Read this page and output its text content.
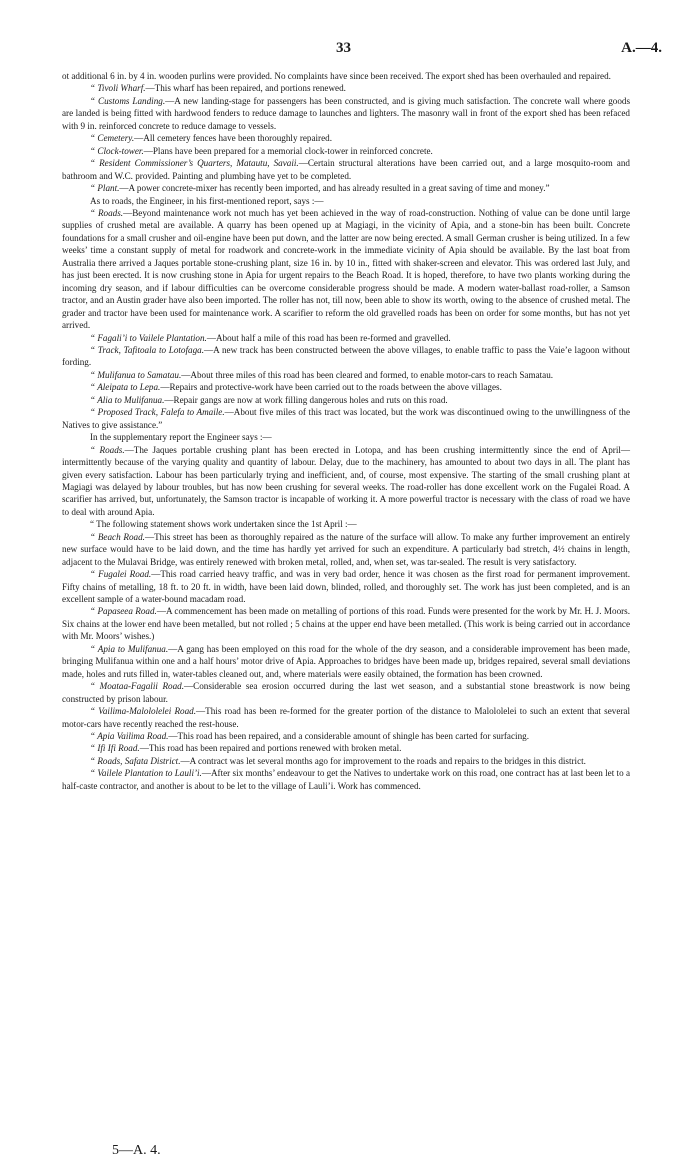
33	A.—4.

ot additional 6 in. by 4 in. wooden purlins were provided. No complaints have since been received. The export shed has been overhauled and repaired.

“ Tivoli Wharf.—This wharf has been repaired, and portions renewed.

“ Customs Landing.—A new landing-stage for passengers has been constructed, and is giving much satisfaction. The concrete wall where goods are landed is being fitted with hardwood fenders to reduce damage to launches and lighters. The masonry wall in front of the export shed has been refaced with 9 in. reinforced concrete to reduce damage to vessels.

“ Cemetery.—All cemetery fences have been thoroughly repaired.

“ Clock-tower.—Plans have been prepared for a memorial clock-tower in reinforced concrete.

“ Resident Commissioner’s Quarters, Matautu, Savaii.—Certain structural alterations have been carried out, and a large mosquito-room and bathroom and W.C. provided. Painting and plumbing have yet to be completed.

“ Plant.—A power concrete-mixer has recently been imported, and has already resulted in a great saving of time and money.”

As to roads, the Engineer, in his first-mentioned report, says :—

“ Roads.—Beyond maintenance work not much has yet been achieved in the way of road-construction. Nothing of value can be done until large supplies of crushed metal are available. A quarry has been opened up at Magiagi, in the vicinity of Apia, and a stone-bin has been built. Concrete foundations for a small crusher and oil-engine have been put down, and the latter are now being erected. A small German crusher is being utilized. In a few weeks’ time a constant supply of metal for roadwork and concrete-work in the immediate vicinity of Apia should be available. By the last boat from Australia there arrived a Jaques portable stone-crushing plant, size 16 in. by 10 in., fitted with shaker-screen and elevator. This was ordered last July, and has just been erected. It is now crushing stone in Apia for urgent repairs to the Beach Road. It is hoped, therefore, to have two plants working during the incoming dry season, and if labour difficulties can be overcome considerable progress should be made. A modern water-ballast road-roller, a Samson tractor, and an Austin grader have also been imported. The roller has not, till now, been able to show its worth, owing to the absence of crushed metal. The grader and tractor have been used for maintenance work. A scarifier to reform the old gravelled roads has been on order for some months, but has not yet arrived.

“ Fagali’i to Vailele Plantation.—About half a mile of this road has been re-formed and gravelled.

“ Track, Tafitoala to Lotofaga.—A new track has been constructed between the above villages, to enable traffic to pass the Vaie’e lagoon without fording.

“ Mulifanua to Samatau.—About three miles of this road has been cleared and formed, to enable motor-cars to reach Samatau.

“ Aleipata to Lepa.—Repairs and protective-work have been carried out to the roads between the above villages.

“ Alia to Mulifanua.—Repair gangs are now at work filling dangerous holes and ruts on this road.

“ Proposed Track, Falefa to Amaile.—About five miles of this tract was located, but the work was discontinued owing to the unwillingness of the Natives to give assistance.”

In the supplementary report the Engineer says :—

“ Roads.—The Jaques portable crushing plant has been erected in Lotopa, and has been crushing intermittently since the end of April—intermittently because of the varying quality and quantity of labour. Delay, due to the machinery, has amounted to about two days in all. The plant has given every satisfaction. Labour has been particularly trying and inefficient, and, of course, most expensive. The starting of the small crushing plant at Magiagi was delayed by labour troubles, but has now been crushing for several weeks. The road-roller has done excellent work on the Fugalei Road. A scarifier has arrived, but, unfortunately, the Samson tractor is incapable of working it. A more powerful tractor is necessary with the class of road we have to deal with around Apia.

“ The following statement shows work undertaken since the 1st April :—

“ Beach Road.—This street has been as thoroughly repaired as the nature of the surface will allow. To make any further improvement an entirely new surface would have to be laid down, and the time has hardly yet arrived for such an expenditure. A particularly bad stretch, 4½ chains in length, adjacent to the Mulavai Bridge, was entirely renewed with broken metal, rolled, and, when set, was tar-sealed. The result is very satisfactory.

“ Fugalei Road.—This road carried heavy traffic, and was in very bad order, hence it was chosen as the first road for permanent improvement. Fifty chains of metalling, 18 ft. to 20 ft. in width, have been laid down, blinded, rolled, and thoroughly set. The work has just been completed, and is an excellent sample of a water-bound macadam road.

“ Papaseea Road.—A commencement has been made on metalling of portions of this road. Funds were presented for the work by Mr. H. J. Moors. Six chains at the lower end have been metalled, but not rolled ; 5 chains at the upper end have been metalled. (This work is being carried out in accordance with Mr. Moors’ wishes.)

“ Apia to Mulifanua.—A gang has been employed on this road for the whole of the dry season, and a considerable improvement has been made, bringing Mulifanua within one and a half hours’ motor drive of Apia. Approaches to bridges have been made up, bridges repaired, several small deviations made, holes and ruts filled in, water-tables cleaned out, and, where materials were easily obtained, the formation has been crowned.

“ Moataa-Fagalii Road.—Considerable sea erosion occurred during the last wet season, and a substantial stone breastwork is now being constructed by prison labour.

“ Vailima-Malololelei Road.—This road has been re-formed for the greater portion of the distance to Malololelei to such an extent that several motor-cars have recently reached the rest-house.

“ Apia Vailima Road.—This road has been repaired, and a considerable amount of shingle has been carted for surfacing.

“ Ifi Ifi Road.—This road has been repaired and portions renewed with broken metal.

“ Roads, Safata District.—A contract was let several months ago for improvement to the roads and repairs to the bridges in this district.

“ Vailele Plantation to Lauli’i.—After six months’ endeavour to get the Natives to undertake work on this road, one contract has at last been let to a half-caste contractor, and another is about to be let to the village of Lauli’i. Work has commenced.

5—A. 4.
